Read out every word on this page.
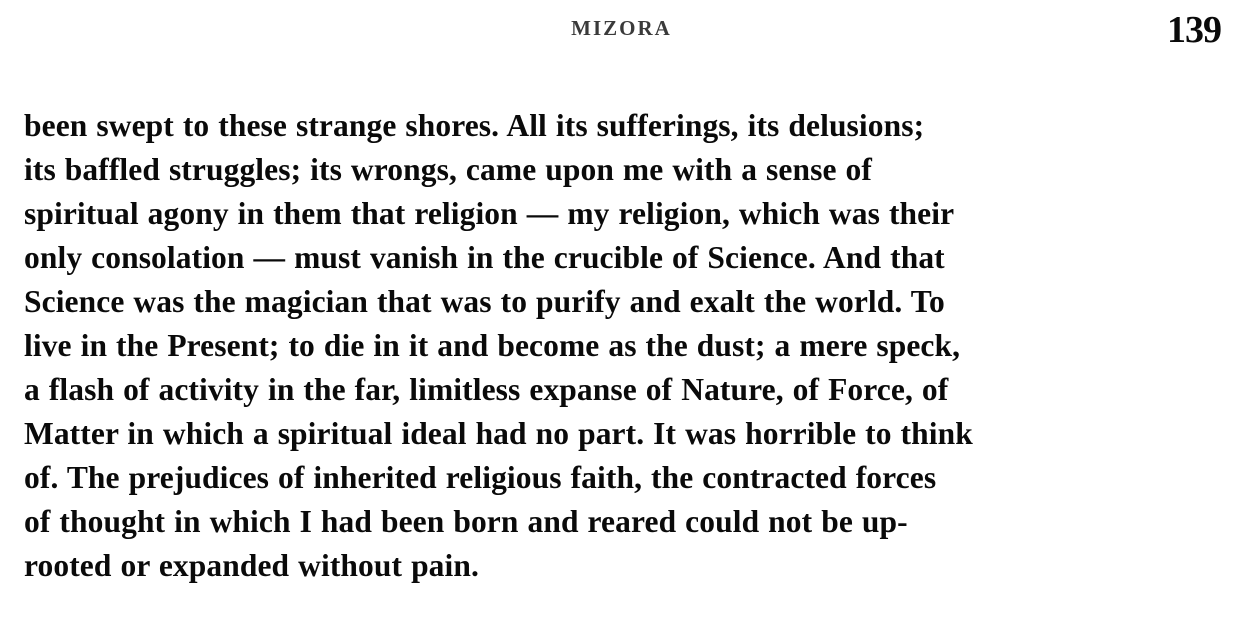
MIZORA	139

been swept to these strange shores. All its sufferings, its delusions;
its baffled struggles; its wrongs, came upon me with a sense of
spiritual agony in them that religion — my religion, which was their
only consolation — must vanish in the crucible of Science. And that
Science was the magician that was to purify and exalt the world. To
live in the Present; to die in it and become as the dust; a mere speck,
a flash of activity in the far, limitless expanse of Nature, of Force, of
Matter in which a spiritual ideal had no part. It was horrible to think
of. The prejudices of inherited religious faith, the contracted forces
of thought in which I had been born and reared could not be up-
rooted or expanded without pain.
